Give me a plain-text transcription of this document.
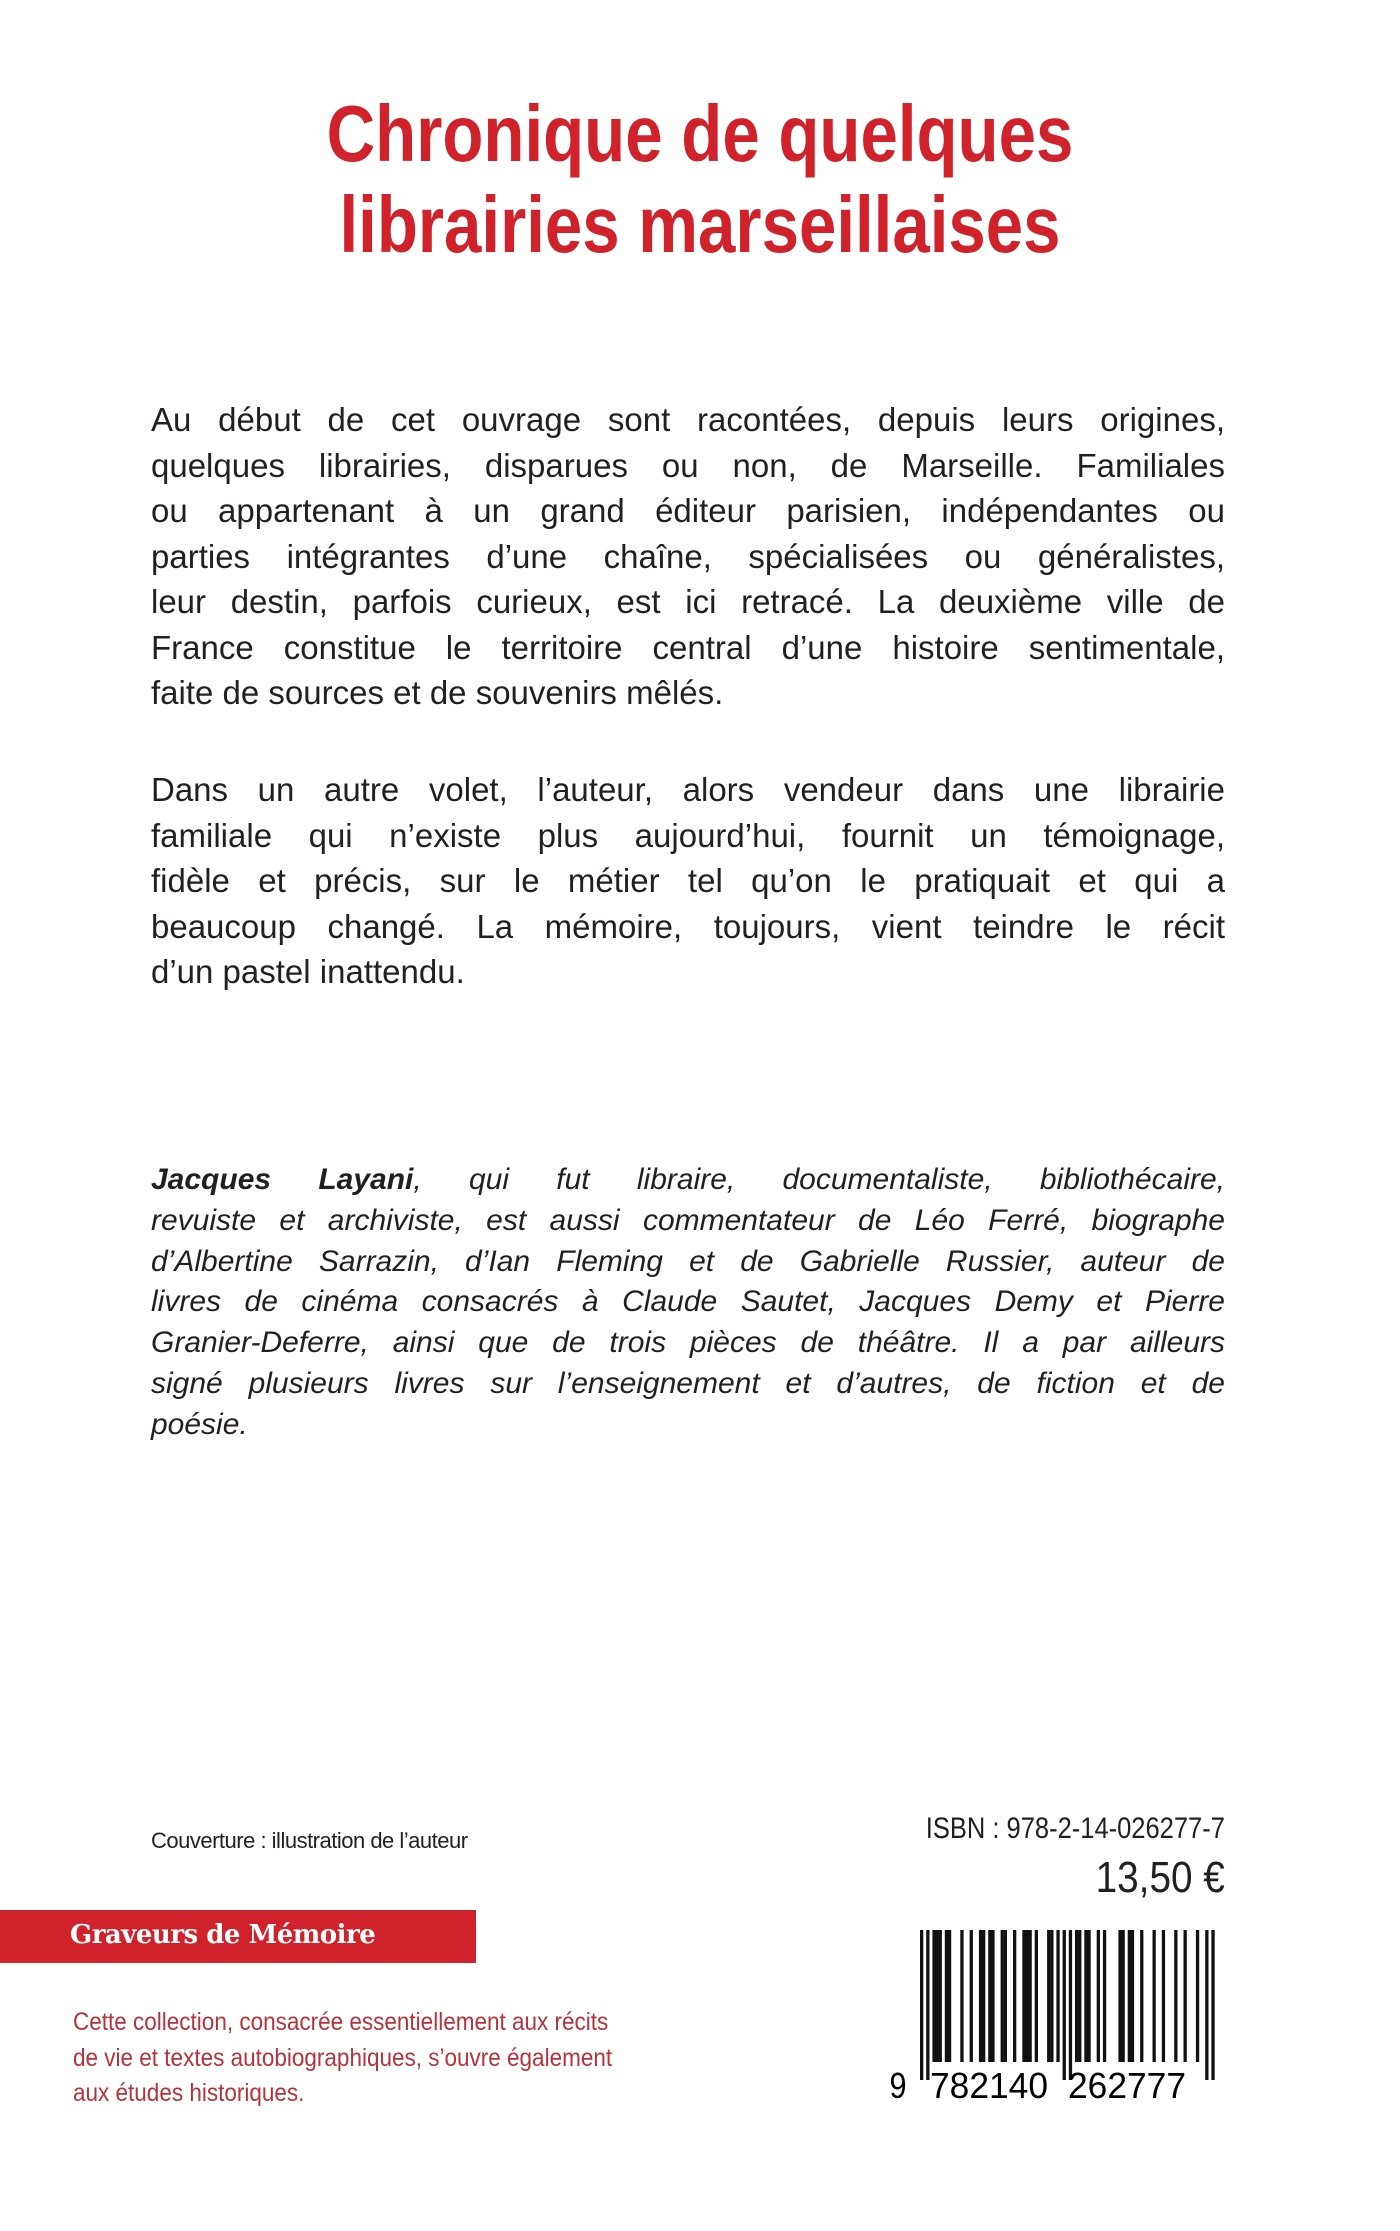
Chronique de quelques
librairies marseillaises
Au début de cet ouvrage sont racontées, depuis leurs origines,
quelques librairies, disparues ou non, de Marseille. Familiales
ou appartenant à un grand éditeur parisien, indépendantes ou
parties intégrantes d’une chaîne, spécialisées ou généralistes,
leur destin, parfois curieux, est ici retracé. La deuxième ville de
France constitue le territoire central d’une histoire sentimentale,
faite de sources et de souvenirs mêlés.
Dans un autre volet, l’auteur, alors vendeur dans une librairie
familiale qui n’existe plus aujourd’hui, fournit un témoignage,
fidèle et précis, sur le métier tel qu’on le pratiquait et qui a
beaucoup changé. La mémoire, toujours, vient teindre le récit
d’un pastel inattendu.
Jacques Layani, qui fut libraire, documentaliste, bibliothécaire,
revuiste et archiviste, est aussi commentateur de Léo Ferré, biographe
d’Albertine Sarrazin, d’Ian Fleming et de Gabrielle Russier, auteur de
livres de cinéma consacrés à Claude Sautet, Jacques Demy et Pierre
Granier-Deferre, ainsi que de trois pièces de théâtre. Il a par ailleurs
signé plusieurs livres sur l’enseignement et d’autres, de fiction et de
poésie.
Couverture : illustration de l’auteur	ISBN : 978-2-14-026277-7
13,50 €
Graveurs de Mémoire
Cette collection, consacrée essentiellement aux récits
de vie et textes autobiographiques, s’ouvre également
aux études historiques.	9 782140 262777
